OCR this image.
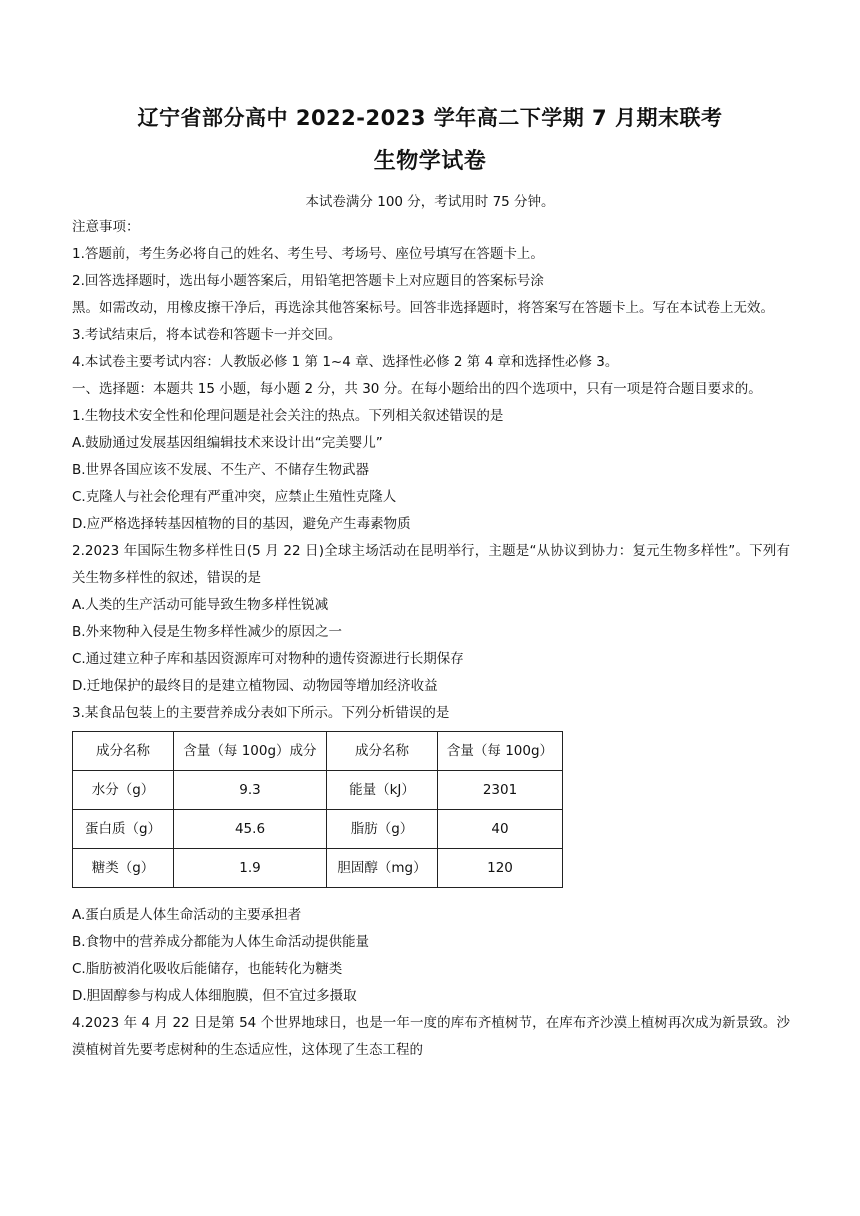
辽宁省部分高中 2022-2023 学年高二下学期 7 月期末联考
生物学试卷
本试卷满分 100 分，考试用时 75 分钟。

注意事项：

1.答题前，考生务必将自己的姓名、考生号、考场号、座位号填写在答题卡上。

2.回答选择题时，选出每小题答案后，用铅笔把答题卡上对应题目的答案标号涂

黑。如需改动，用橡皮擦干净后，再选涂其他答案标号。回答非选择题时，将答案写在答题卡上。写在本试卷上无效。

3.考试结束后，将本试卷和答题卡一并交回。

4.本试卷主要考试内容：人教版必修 1 第 1~4 章、选择性必修 2 第 4 章和选择性必修 3。

一、选择题：本题共 15 小题，每小题 2 分，共 30 分。在每小题给出的四个选项中，只有一项是符合题目要求的。

1.生物技术安全性和伦理问题是社会关注的热点。下列相关叙述错误的是

A.鼓励通过发展基因组编辑技术来设计出“完美婴儿”

B.世界各国应该不发展、不生产、不储存生物武器

C.克隆人与社会伦理有严重冲突，应禁止生殖性克隆人

D.应严格选择转基因植物的目的基因，避免产生毒素物质

2.2023 年国际生物多样性日(5 月 22 日)全球主场活动在昆明举行，主题是“从协议到协力：复元生物多样性”。下列有关生物多样性的叙述，错误的是

A.人类的生产活动可能导致生物多样性锐减

B.外来物种入侵是生物多样性减少的原因之一

C.通过建立种子库和基因资源库可对物种的遗传资源进行长期保存

D.迁地保护的最终目的是建立植物园、动物园等增加经济收益

3.某食品包装上的主要营养成分表如下所示。下列分析错误的是

成分名称	含量（每 100g）成分	成分名称	含量（每 100g）
水分（g）	9.3	能量（kJ）	2301
蛋白质（g）	45.6	脂肪（g）	40
糖类（g）	1.9	胆固醇（mg）	120

A.蛋白质是人体生命活动的主要承担者

B.食物中的营养成分都能为人体生命活动提供能量

C.脂肪被消化吸收后能储存，也能转化为糖类

D.胆固醇参与构成人体细胞膜，但不宜过多摄取

4.2023 年 4 月 22 日是第 54 个世界地球日，也是一年一度的库布齐植树节，在库布齐沙漠上植树再次成为新景致。沙漠植树首先要考虑树种的生态适应性，这体现了生态工程的
